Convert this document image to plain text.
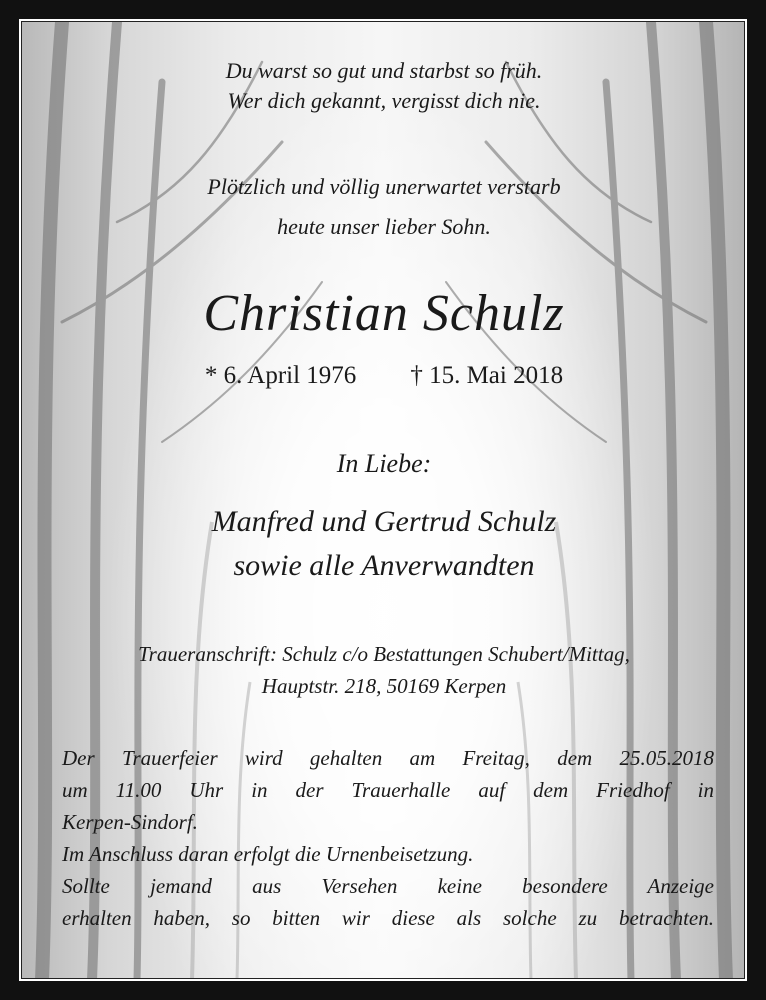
Du warst so gut und starbst so früh.
Wer dich gekannt, vergisst dich nie.
Plötzlich und völlig unerwartet verstarb
heute unser lieber Sohn.
Christian Schulz
* 6. April 1976 † 15. Mai 2018
In Liebe:
Manfred und Gertrud Schulz
sowie alle Anverwandten
Traueranschrift: Schulz c/o Bestattungen Schubert/Mittag,
Hauptstr. 218, 50169 Kerpen
Der Trauerfeier wird gehalten am Freitag, dem 25.05.2018
um 11.00 Uhr in der Trauerhalle auf dem Friedhof in
Kerpen-Sindorf.
Im Anschluss daran erfolgt die Urnenbeisetzung.
Sollte jemand aus Versehen keine besondere Anzeige
erhalten haben, so bitten wir diese als solche zu betrachten.
